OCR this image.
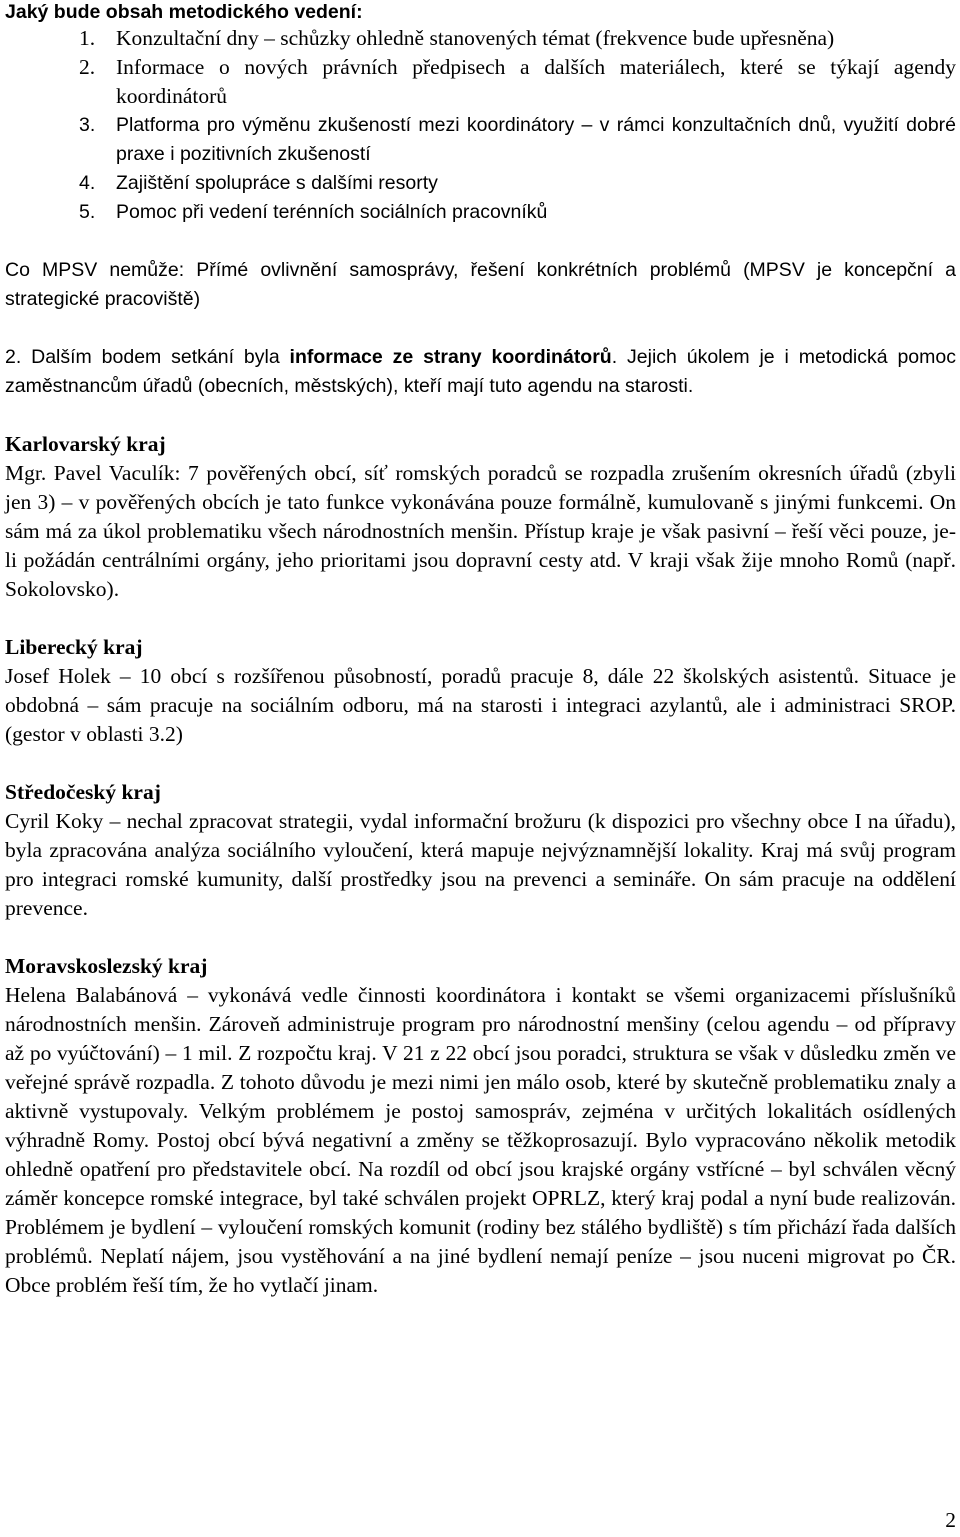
Jaký bude obsah metodického vedení:
1. Konzultační dny – schůzky ohledně stanovených témat (frekvence bude upřesněna)
2. Informace o nových právních předpisech a dalších materiálech, které se týkají agendy koordinátorů
3. Platforma pro výměnu zkušeností mezi koordinátory – v rámci konzultačních dnů, využití dobré praxe i pozitivních zkušeností
4. Zajištění spolupráce s dalšími resorty
5. Pomoc při vedení terénních sociálních pracovníků

Co MPSV nemůže: Přímé ovlivnění samosprávy, řešení konkrétních problémů (MPSV je koncepční a strategické pracoviště)

2. Dalším bodem setkání byla informace ze strany koordinátorů. Jejich úkolem je i metodická pomoc zaměstnancům úřadů (obecních, městských), kteří mají tuto agendu na starosti.

Karlovarský kraj

Mgr. Pavel Vaculík: 7 pověřených obcí, síť romských poradců se rozpadla zrušením okresních úřadů (zbyli jen 3) – v pověřených obcích je tato funkce vykonávána pouze formálně, kumulovaně s jinými funkcemi. On sám má za úkol problematiku všech národnostních menšin. Přístup kraje je však pasivní – řeší věci pouze, je-li požádán centrálními orgány, jeho prioritami jsou dopravní cesty atd. V kraji však žije mnoho Romů (např. Sokolovsko).

Liberecký kraj

Josef Holek – 10 obcí s rozšířenou působností, poradů pracuje 8, dále 22 školských asistentů. Situace je obdobná – sám pracuje na sociálním odboru, má na starosti i integraci azylantů, ale i administraci SROP.(gestor v oblasti 3.2)

Středočeský kraj

Cyril Koky – nechal zpracovat strategii, vydal informační brožuru (k dispozici pro všechny obce I na úřadu), byla zpracována analýza sociálního vyloučení, která mapuje nejvýznamnější lokality. Kraj má svůj program pro integraci romské kumunity, další prostředky jsou na prevenci a semináře. On sám pracuje na oddělení prevence.

Moravskoslezský kraj

Helena Balabánová – vykonává vedle činnosti koordinátora i kontakt se všemi organizacemi příslušníků národnostních menšin. Zároveň administruje program pro národnostní menšiny (celou agendu – od přípravy až po vyúčtování) – 1 mil. Z rozpočtu kraj. V 21 z 22 obcí jsou poradci, struktura se však v důsledku změn ve veřejné správě rozpadla. Z tohoto důvodu je mezi nimi jen málo osob, které by skutečně problematiku znaly a aktivně vystupovaly. Velkým problémem je postoj samospráv, zejména v určitých lokalitách osídlených výhradně Romy. Postoj obcí bývá negativní a změny se těžkoprosazují. Bylo vypracováno několik metodik ohledně opatření pro představitele obcí. Na rozdíl od obcí jsou krajské orgány vstřícné – byl schválen věcný záměr koncepce romské integrace, byl také schválen projekt OPRLZ, který kraj podal a nyní bude realizován. Problémem je bydlení – vyloučení romských komunit (rodiny bez stálého bydliště) s tím přichází řada dalších problémů. Neplatí nájem, jsou vystěhování a na jiné bydlení nemají peníze – jsou nuceni migrovat po ČR. Obce problém řeší tím, že ho vytlačí jinam.

2
